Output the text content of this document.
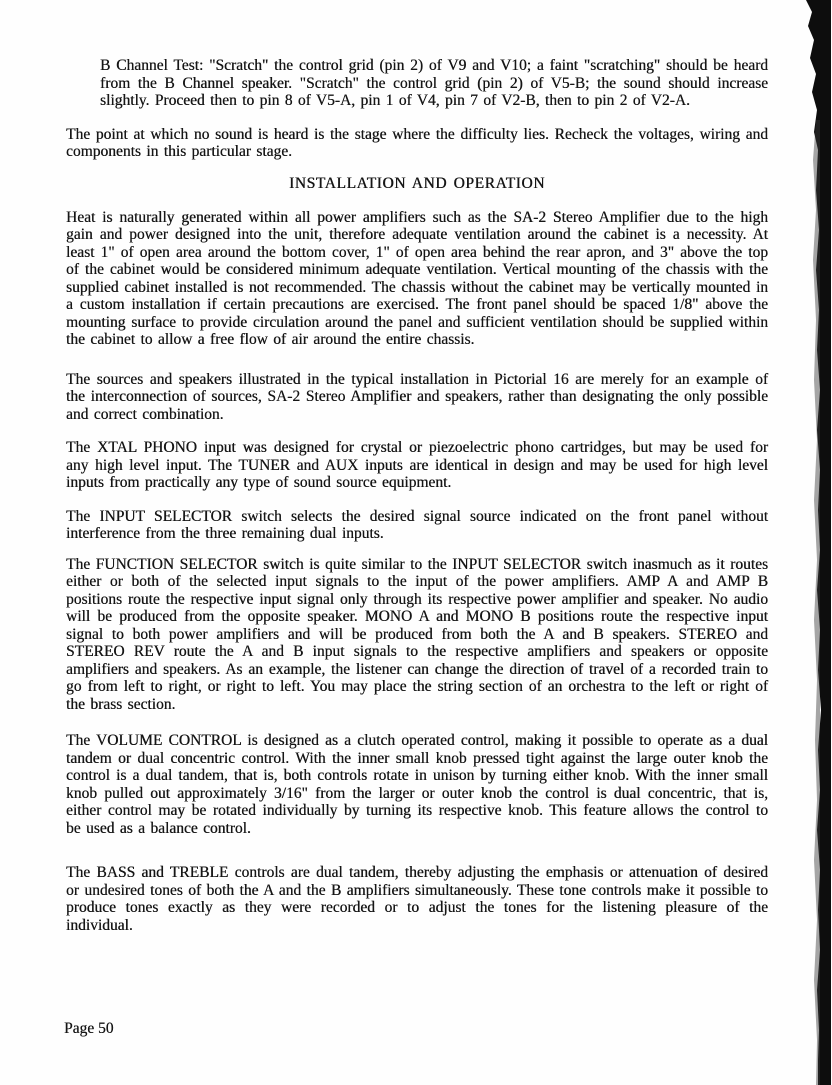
B Channel Test: "Scratch" the control grid (pin 2) of V9 and V10; a faint "scratching" should be heard from the B Channel speaker. "Scratch" the control grid (pin 2) of V5-B; the sound should increase slightly. Proceed then to pin 8 of V5-A, pin 1 of V4, pin 7 of V2-B, then to pin 2 of V2-A.

The point at which no sound is heard is the stage where the difficulty lies. Recheck the voltages, wiring and components in this particular stage.

INSTALLATION AND OPERATION

Heat is naturally generated within all power amplifiers such as the SA-2 Stereo Amplifier due to the high gain and power designed into the unit, therefore adequate ventilation around the cabinet is a necessity. At least 1" of open area around the bottom cover, 1" of open area behind the rear apron, and 3" above the top of the cabinet would be considered minimum adequate ventilation. Vertical mounting of the chassis with the supplied cabinet installed is not recommended. The chassis without the cabinet may be vertically mounted in a custom installation if certain precautions are exercised. The front panel should be spaced 1/8" above the mounting surface to provide circulation around the panel and sufficient ventilation should be supplied within the cabinet to allow a free flow of air around the entire chassis.

The sources and speakers illustrated in the typical installation in Pictorial 16 are merely for an example of the interconnection of sources, SA-2 Stereo Amplifier and speakers, rather than designating the only possible and correct combination.

The XTAL PHONO input was designed for crystal or piezoelectric phono cartridges, but may be used for any high level input. The TUNER and AUX inputs are identical in design and may be used for high level inputs from practically any type of sound source equipment.

The INPUT SELECTOR switch selects the desired signal source indicated on the front panel without interference from the three remaining dual inputs.

The FUNCTION SELECTOR switch is quite similar to the INPUT SELECTOR switch inasmuch as it routes either or both of the selected input signals to the input of the power amplifiers. AMP A and AMP B positions route the respective input signal only through its respective power amplifier and speaker. No audio will be produced from the opposite speaker. MONO A and MONO B positions route the respective input signal to both power amplifiers and will be produced from both the A and B speakers. STEREO and STEREO REV route the A and B input signals to the respective amplifiers and speakers or opposite amplifiers and speakers. As an example, the listener can change the direction of travel of a recorded train to go from left to right, or right to left. You may place the string section of an orchestra to the left or right of the brass section.

The VOLUME CONTROL is designed as a clutch operated control, making it possible to operate as a dual tandem or dual concentric control. With the inner small knob pressed tight against the large outer knob the control is a dual tandem, that is, both controls rotate in unison by turning either knob. With the inner small knob pulled out approximately 3/16" from the larger or outer knob the control is dual concentric, that is, either control may be rotated individually by turning its respective knob. This feature allows the control to be used as a balance control.

The BASS and TREBLE controls are dual tandem, thereby adjusting the emphasis or attenuation of desired or undesired tones of both the A and the B amplifiers simultaneously. These tone controls make it possible to produce tones exactly as they were recorded or to adjust the tones for the listening pleasure of the individual.

Page 50
